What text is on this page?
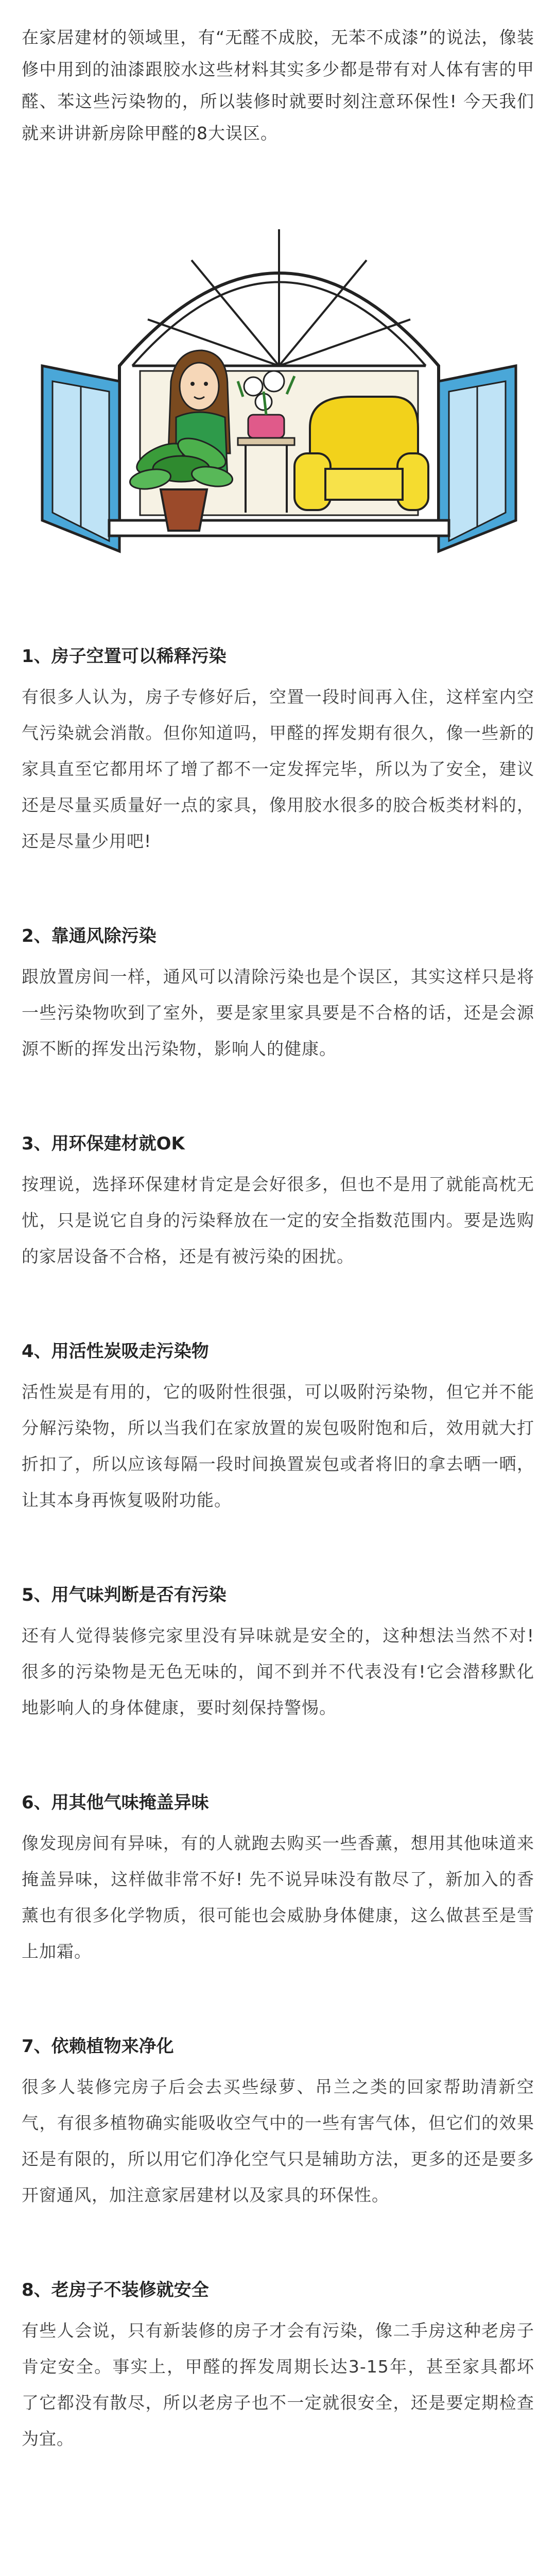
在家居建材的领域里，有“无醛不成胶，无苯不成漆”的说法，像装修中用到的油漆跟胶水这些材料其实多少都是带有对人体有害的甲醛、苯这些污染物的，所以装修时就要时刻注意环保性! 今天我们就来讲讲新房除甲醛的8大误区。

1、房子空置可以稀释污染

有很多人认为，房子专修好后，空置一段时间再入住，这样室内空气污染就会消散。但你知道吗，甲醛的挥发期有很久，像一些新的家具直至它都用坏了增了都不一定发挥完毕，所以为了安全，建议还是尽量买质量好一点的家具，像用胶水很多的胶合板类材料的，还是尽量少用吧!

2、靠通风除污染

跟放置房间一样，通风可以清除污染也是个误区，其实这样只是将一些污染物吹到了室外，要是家里家具要是不合格的话，还是会源源不断的挥发出污染物，影响人的健康。

3、用环保建材就OK

按理说，选择环保建材肯定是会好很多，但也不是用了就能高枕无忧，只是说它自身的污染释放在一定的安全指数范围内。要是选购的家居设备不合格，还是有被污染的困扰。

4、用活性炭吸走污染物

活性炭是有用的，它的吸附性很强，可以吸附污染物，但它并不能分解污染物，所以当我们在家放置的炭包吸附饱和后，效用就大打折扣了，所以应该每隔一段时间换置炭包或者将旧的拿去晒一晒，让其本身再恢复吸附功能。

5、用气味判断是否有污染

还有人觉得装修完家里没有异味就是安全的，这种想法当然不对!很多的污染物是无色无味的，闻不到并不代表没有!它会潜移默化地影响人的身体健康，要时刻保持警惕。

6、用其他气味掩盖异味

像发现房间有异味，有的人就跑去购买一些香薰，想用其他味道来掩盖异味，这样做非常不好! 先不说异味没有散尽了，新加入的香薰也有很多化学物质，很可能也会威胁身体健康，这么做甚至是雪上加霜。

7、依赖植物来净化

很多人装修完房子后会去买些绿萝、吊兰之类的回家帮助清新空气，有很多植物确实能吸收空气中的一些有害气体，但它们的效果还是有限的，所以用它们净化空气只是辅助方法，更多的还是要多开窗通风，加注意家居建材以及家具的环保性。

8、老房子不装修就安全

有些人会说，只有新装修的房子才会有污染，像二手房这种老房子肯定安全。事实上，甲醛的挥发周期长达3-15年，甚至家具都坏了它都没有散尽，所以老房子也不一定就很安全，还是要定期检查为宜。
